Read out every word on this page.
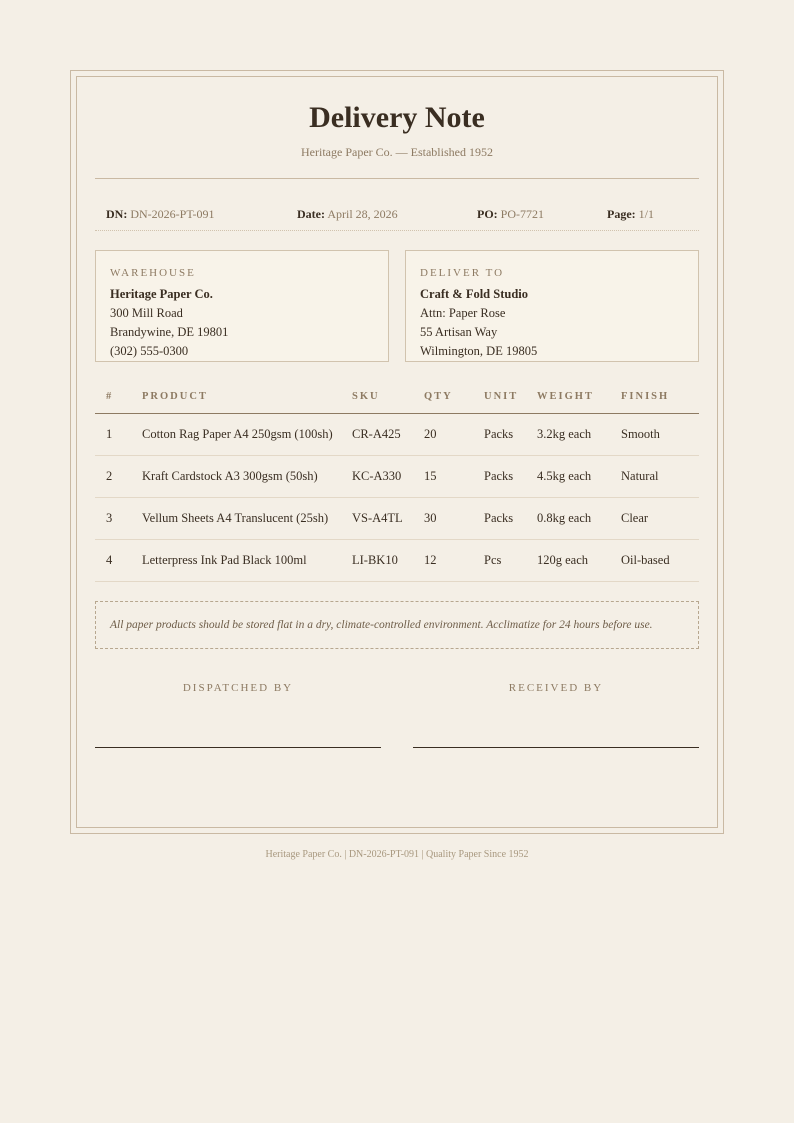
Delivery Note
Heritage Paper Co. — Established 1952
DN: DN-2026-PT-091	Date: April 28, 2026	PO: PO-7721	Page: 1/1
WAREHOUSE
Heritage Paper Co.
300 Mill Road
Brandywine, DE 19801
(302) 555-0300
DELIVER TO
Craft & Fold Studio
Attn: Paper Rose
55 Artisan Way
Wilmington, DE 19805
#	PRODUCT	SKU	QTY	UNIT	WEIGHT	FINISH
1	Cotton Rag Paper A4 250gsm (100sh)	CR-A425	20	Packs	3.2kg each	Smooth
2	Kraft Cardstock A3 300gsm (50sh)	KC-A330	15	Packs	4.5kg each	Natural
3	Vellum Sheets A4 Translucent (25sh)	VS-A4TL	30	Packs	0.8kg each	Clear
4	Letterpress Ink Pad Black 100ml	LI-BK10	12	Pcs	120g each	Oil-based
All paper products should be stored flat in a dry, climate-controlled environment. Acclimatize for 24 hours before use.
DISPATCHED BY	RECEIVED BY
Heritage Paper Co. | DN-2026-PT-091 | Quality Paper Since 1952
